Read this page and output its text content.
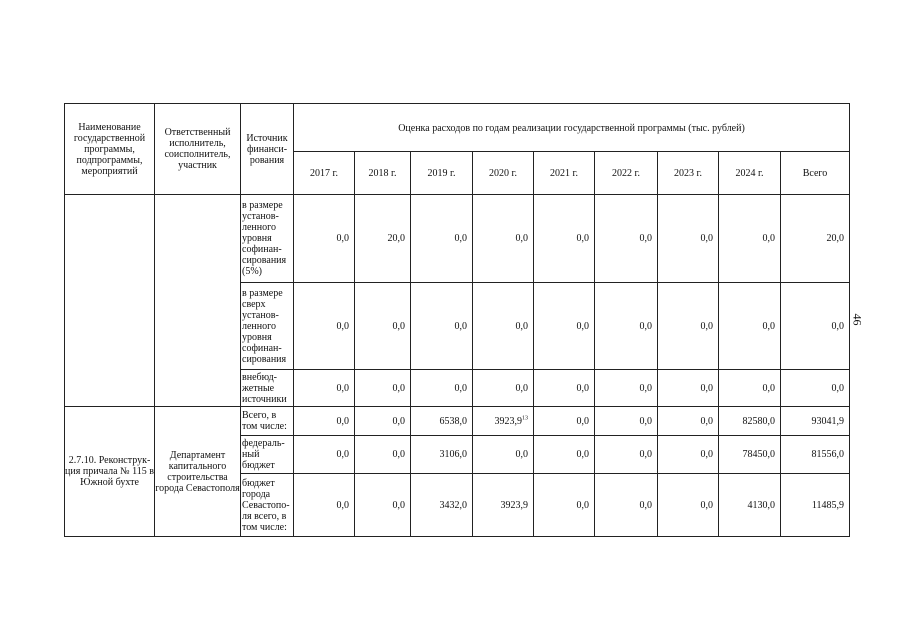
Наименование государственной программы, подпрограммы, мероприятий	Ответственный исполнитель, соисполнитель, участник	Источник финанси-рования	Оценка расходов по годам реализации государственной программы (тыс. рублей)								
			2017 г.	2018 г.	2019 г.	2020 г.	2021 г.	2022 г.	2023 г.	2024 г.	Всего
		в размере установ-ленного уровня софинан-сирования (5%)	0,0	20,0	0,0	0,0	0,0	0,0	0,0	0,0	20,0
		в размере сверх установ-ленного уровня софинан-сирования	0,0	0,0	0,0	0,0	0,0	0,0	0,0	0,0	0,0
		внебюд-жетные источники	0,0	0,0	0,0	0,0	0,0	0,0	0,0	0,0	0,0
2.7.10. Реконструк-ция причала № 115 в Южной бухте	Департамент капитального строительства города Севастополя	Всего, в том числе:	0,0	0,0	6538,0	3923,9$^{13}$	0,0	0,0	0,0	82580,0	93041,9
		федераль-ный бюджет	0,0	0,0	3106,0	0,0	0,0	0,0	0,0	78450,0	81556,0
		бюджет города Севастопо-ля всего, в том числе:	0,0	0,0	3432,0	3923,9	0,0	0,0	0,0	4130,0	11485,9
46
